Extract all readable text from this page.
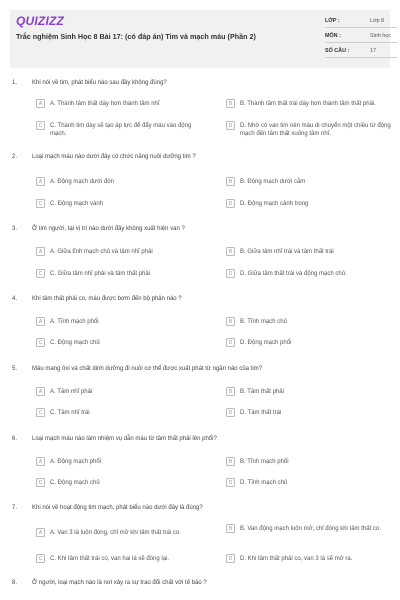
QUIZIZZ
Trắc nghiệm Sinh Học 8 Bài 17: (có đáp án) Tim và mạch máu (Phần 2)
LỚP :	Lớp 8
MÔN :	Sinh học
SỐ CÂU :	17
1. Khi nói về tim, phát biểu nào sau đây không đúng?
A	A. Thành tâm thất dày hơn thành tâm nhĩ	B	B. Thành tâm thất trái dày hơn thành tâm thất phải.
C	C. Thành tim dày sẽ tạo áp lực để đẩy máu vào động mạch.
D	D. Nhờ có van tim nên máu di chuyển một chiều từ động mạch đến tâm thất xuống tâm nhĩ.
2. Loại mạch máu nào dưới đây có chức năng nuôi dưỡng tim ?
A	A. Động mạch dưới đòn	B	B. Động mạch dưới cằm
C	C. Động mạch vành	D	D. Động mạch cảnh trong
3. Ở tim người, tại vị trí nào dưới đây không xuất hiện van ?
A	A. Giữa tĩnh mạch chủ và tâm nhĩ phải	B	B. Giữa tâm nhĩ trái và tâm thất trái
C	C. Giữa tâm nhĩ phải và tâm thất phải	D	D. Giữa tâm thất trái và động mạch chủ.
4. Khi tâm thất phải co, máu được bơm đến bộ phận nào ?
A	A. Tĩnh mạch phổi	B	B. Tĩnh mạch chủ
C	C. Động mạch chủ	D	D. Động mạch phổi
5. Máu mang ôxi và chất dinh dưỡng đi nuôi cơ thể được xuất phát từ ngăn nào của tim?
A	A. Tâm nhĩ phải	B	B. Tâm thất phải
C	C. Tâm nhĩ trái	D	D. Tâm thất trái
6. Loại mạch máu nào làm nhiệm vụ dẫn máu từ tâm thất phải lên phổi?
A	A. Động mạch phổi	B	B. Tĩnh mạch phổi
C	C. Động mạch chủ	D	D. Tĩnh mạch chủ
7. Khi nói về hoạt động tim mạch, phát biểu nào dưới đây là đúng?
A	A. Van 3 lá luôn đóng, chỉ mở khi tâm thất trái co.
B	B. Van động mạch luôn mở, chỉ đóng khi tâm thất co.
C	C. Khi tâm thất trái co, van hai lá sẽ đóng lại.	D	D. Khi tâm thất phải co, van 3 lá sẽ mở ra.
8. Ở người, loại mạch nào là nơi xảy ra sự trao đổi chất với tế bào ?
